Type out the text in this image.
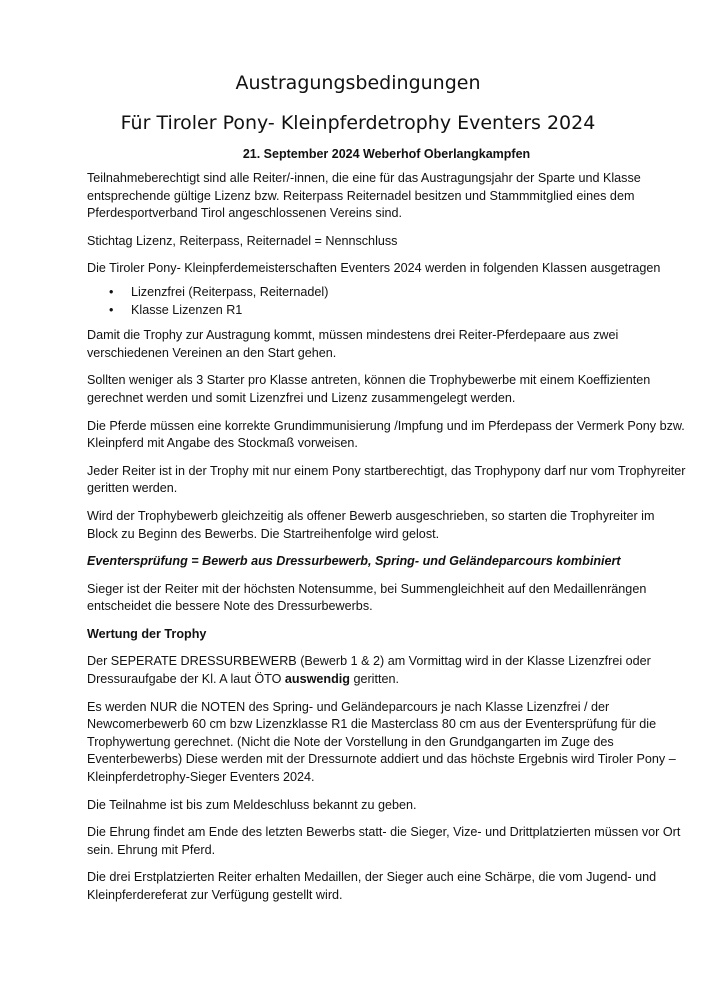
Austragungsbedingungen
Für Tiroler Pony- Kleinpferdetrophy Eventers 2024
21. September 2024 Weberhof Oberlangkampfen

Teilnahmeberechtigt sind alle Reiter/-innen, die eine für das Austragungsjahr der Sparte und Klasse entsprechende gültige Lizenz bzw. Reiterpass Reiternadel besitzen und Stammmitglied eines dem Pferdesportverband Tirol angeschlossenen Vereins sind.

Stichtag Lizenz, Reiterpass, Reiternadel = Nennschluss

Die Tiroler Pony- Kleinpferdemeisterschaften Eventers 2024 werden in folgenden Klassen ausgetragen

• Lizenzfrei (Reiterpass, Reiternadel)
• Klasse Lizenzen R1

Damit die Trophy zur Austragung kommt, müssen mindestens drei Reiter-Pferdepaare aus zwei verschiedenen Vereinen an den Start gehen.

Sollten weniger als 3 Starter pro Klasse antreten, können die Trophybewerbe mit einem Koeffizienten gerechnet werden und somit Lizenzfrei und Lizenz zusammengelegt werden.

Die Pferde müssen eine korrekte Grundimmunisierung /Impfung und im Pferdepass der Vermerk Pony bzw. Kleinpferd mit Angabe des Stockmaß vorweisen.

Jeder Reiter ist in der Trophy mit nur einem Pony startberechtigt, das Trophypony darf nur vom Trophyreiter geritten werden.

Wird der Trophybewerb gleichzeitig als offener Bewerb ausgeschrieben, so starten die Trophyreiter im Block zu Beginn des Bewerbs. Die Startreihenfolge wird gelost.

Eventersprüfung = Bewerb aus Dressurbewerb, Spring- und Geländeparcours kombiniert

Sieger ist der Reiter mit der höchsten Notensumme, bei Summengleichheit auf den Medaillenrängen entscheidet die bessere Note des Dressurbewerbs.

Wertung der Trophy

Der SEPERATE DRESSURBEWERB (Bewerb 1 & 2) am Vormittag wird in der Klasse Lizenzfrei oder Dressuraufgabe der Kl. A laut ÖTO auswendig geritten.

Es werden NUR die NOTEN des Spring- und Geländeparcours je nach Klasse Lizenzfrei / der Newcomerbewerb 60 cm bzw Lizenzklasse R1 die Masterclass 80 cm aus der Eventersprüfung für die Trophywertung gerechnet. (Nicht die Note der Vorstellung in den Grundgangarten im Zuge des Eventerbewerbs) Diese werden mit der Dressurnote addiert und das höchste Ergebnis wird Tiroler Pony – Kleinpferdetrophy-Sieger Eventers 2024.

Die Teilnahme ist bis zum Meldeschluss bekannt zu geben.

Die Ehrung findet am Ende des letzten Bewerbs statt- die Sieger, Vize- und Drittplatzierten müssen vor Ort sein. Ehrung mit Pferd.

Die drei Erstplatzierten Reiter erhalten Medaillen, der Sieger auch eine Schärpe, die vom Jugend- und Kleinpferdereferat zur Verfügung gestellt wird.
